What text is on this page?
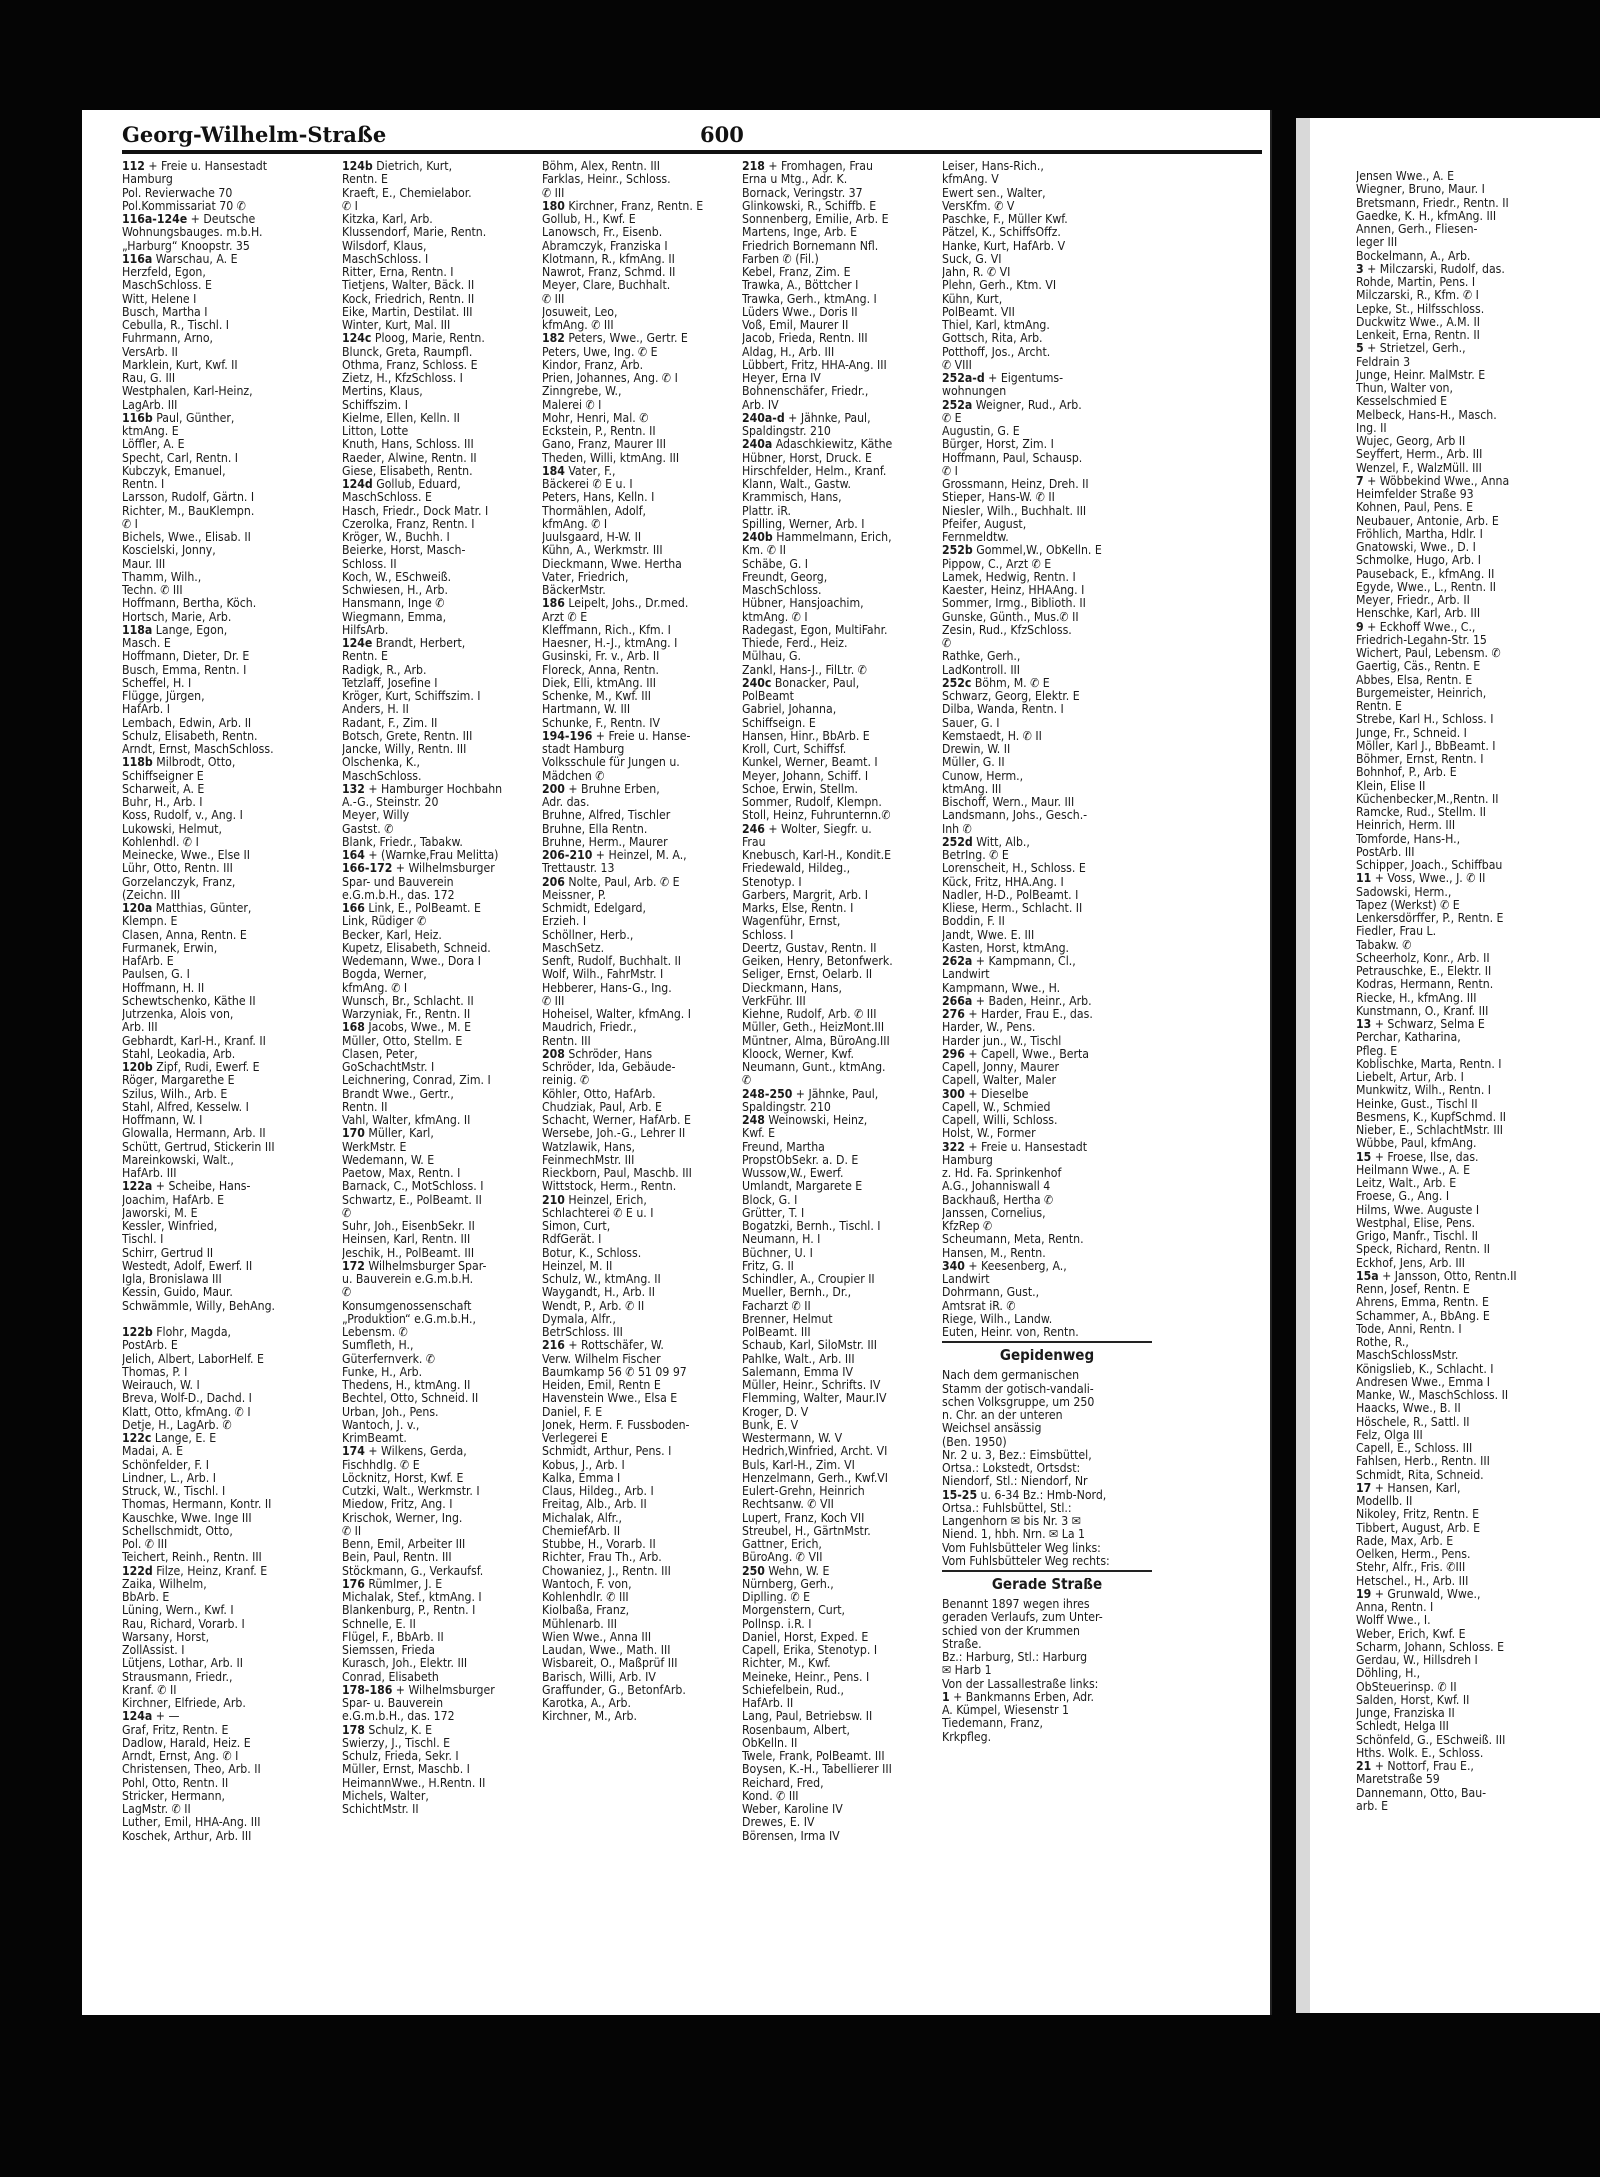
Georg-Wilhelm-Straße	600
112 + Freie u. Hansestadt
Hamburg
Pol. Revierwache 70
Pol.Kommissariat 70 ✆
116a-124e + Deutsche
Wohnungsbauges. m.b.H.
„Harburg“ Knoopstr. 35
116a Warschau, A. E
Herzfeld, Egon,
MaschSchloss. E
Witt, Helene I
Busch, Martha I
Cebulla, R., Tischl. I
Fuhrmann, Arno,
VersArb. II
Marklein, Kurt, Kwf. II
Rau, G. III
Westphalen, Karl-Heinz,
LagArb. III
116b Paul, Günther,
ktmAng. E
Löffler, A. E
Specht, Carl, Rentn. I
Kubczyk, Emanuel,
Rentn. I
Larsson, Rudolf, Gärtn. I
Richter, M., BauKlempn.
✆ I
Bichels, Wwe., Elisab. II
Koscielski, Jonny,
Maur. III
Thamm, Wilh.,
Techn. ✆ III
Hoffmann, Bertha, Köch.
Hortsch, Marie, Arb.
118a Lange, Egon,
Masch. E
Hoffmann, Dieter, Dr. E
Busch, Emma, Rentn. I
Scheffel, H. I
Flügge, Jürgen,
HafArb. I
Lembach, Edwin, Arb. II
Schulz, Elisabeth, Rentn.
Arndt, Ernst, MaschSchloss.
118b Milbrodt, Otto,
Schiffseigner E
Scharweit, A. E
Buhr, H., Arb. I
Koss, Rudolf, v., Ang. I
Lukowski, Helmut,
Kohlenhdl. ✆ I
Meinecke, Wwe., Else II
Lühr, Otto, Rentn. III
Gorzelanczyk, Franz,
(Zeichn. III
120a Matthias, Günter,
Klempn. E
Clasen, Anna, Rentn. E
Furmanek, Erwin,
HafArb. E
Paulsen, G. I
Hoffmann, H. II
Schewtschenko, Käthe II
Jutrzenka, Alois von,
Arb. III
Gebhardt, Karl-H., Kranf. II
Stahl, Leokadia, Arb.
120b Zipf, Rudi, Ewerf. E
Röger, Margarethe E
Szilus, Wilh., Arb. E
Stahl, Alfred, Kesselw. I
Hoffmann, W. I
Glowalla, Hermann, Arb. II
Schütt, Gertrud, Stickerin III
Mareinkowski, Walt.,
HafArb. III
122a + Scheibe, Hans-
Joachim, HafArb. E
Jaworski, M. E
Kessler, Winfried,
Tischl. I
Schirr, Gertrud II
Westedt, Adolf, Ewerf. II
Igla, Bronislawa III
Kessin, Guido, Maur.
Schwämmle, Willy, BehAng.
122b Flohr, Magda,
PostArb. E
Jelich, Albert, LaborHelf. E
Thomas, P. I
Weirauch, W. I
Breva, Wolf-D., Dachd. I
Klatt, Otto, kfmAng. ✆ I
Detje, H., LagArb. ✆
122c Lange, E. E
Madai, A. E
Schönfelder, F. I
Lindner, L., Arb. I
Struck, W., Tischl. I
Thomas, Hermann, Kontr. II
Kauschke, Wwe. Inge III
Schellschmidt, Otto,
Pol. ✆ III
Teichert, Reinh., Rentn. III
122d Filze, Heinz, Kranf. E
Zaika, Wilhelm,
BbArb. E
Lüning, Wern., Kwf. I
Rau, Richard, Vorarb. I
Warsany, Horst,
ZollAssist. I
Lütjens, Lothar, Arb. II
Strausmann, Friedr.,
Kranf. ✆ II
Kirchner, Elfriede, Arb.
124a + —
Graf, Fritz, Rentn. E
Dadlow, Harald, Heiz. E
Arndt, Ernst, Ang. ✆ I
Christensen, Theo, Arb. II
Pohl, Otto, Rentn. II
Stricker, Hermann,
LagMstr. ✆ II
Luther, Emil, HHA-Ang. III
Koschek, Arthur, Arb. III
124b Dietrich, Kurt,
Rentn. E
Kraeft, E., Chemielabor.
✆ I
Kitzka, Karl, Arb.
Klussendorf, Marie, Rentn.
Wilsdorf, Klaus,
MaschSchloss. I
Ritter, Erna, Rentn. I
Tietjens, Walter, Bäck. II
Kock, Friedrich, Rentn. II
Eike, Martin, Destilat. III
Winter, Kurt, Mal. III
124c Ploog, Marie, Rentn.
Blunck, Greta, Raumpfl.
Othma, Franz, Schloss. E
Zietz, H., KfzSchloss. I
Mertins, Klaus,
Schiffszim. I
Kielme, Ellen, Kelln. II
Litton, Lotte
Knuth, Hans, Schloss. III
Raeder, Alwine, Rentn. II
Giese, Elisabeth, Rentn.
124d Gollub, Eduard,
MaschSchloss. E
Hasch, Friedr., Dock Matr. I
Czerolka, Franz, Rentn. I
Kröger, W., Buchh. I
Beierke, Horst, Masch-
Schloss. II
Koch, W., ESchweiß.
Schwiesen, H., Arb.
Hansmann, Inge ✆
Wiegmann, Emma,
HilfsArb.
124e Brandt, Herbert,
Rentn. E
Radigk, R., Arb.
Tetzlaff, Josefine I
Kröger, Kurt, Schiffszim. I
Anders, H. II
Radant, F., Zim. II
Botsch, Grete, Rentn. III
Jancke, Willy, Rentn. III
Olschenka, K.,
MaschSchloss.
132 + Hamburger Hochbahn
A.-G., Steinstr. 20
Meyer, Willy
Gastst. ✆
Blank, Friedr., Tabakw.
164 + (Warnke,Frau Melitta)
166-172 + Wilhelmsburger
Spar- und Bauverein
e.G.m.b.H., das. 172
166 Link, E., PolBeamt. E
Link, Rüdiger ✆
Becker, Karl, Heiz.
Kupetz, Elisabeth, Schneid.
Wedemann, Wwe., Dora I
Bogda, Werner,
kfmAng. ✆ I
Wunsch, Br., Schlacht. II
Warzyniak, Fr., Rentn. II
168 Jacobs, Wwe., M. E
Müller, Otto, Stellm. E
Clasen, Peter,
GoSchachtMstr. I
Leichnering, Conrad, Zim. I
Brandt Wwe., Gertr.,
Rentn. II
Vahl, Walter, kfmAng. II
170 Müller, Karl,
WerkMstr. E
Wedemann, W. E
Paetow, Max, Rentn. I
Barnack, C., MotSchloss. I
Schwartz, E., PolBeamt. II
✆
Suhr, Joh., EisenbSekr. II
Heinsen, Karl, Rentn. III
Jeschik, H., PolBeamt. III
172 Wilhelmsburger Spar-
u. Bauverein e.G.m.b.H.
✆
Konsumgenossenschaft
„Produktion“ e.G.m.b.H.,
Lebensm. ✆
Sumfleth, H.,
Güterfernverk. ✆
Funke, H., Arb.
Thedens, H., ktmAng. II
Bechtel, Otto, Schneid. II
Urban, Joh., Pens.
Wantoch, J. v.,
KrimBeamt.
174 + Wilkens, Gerda,
Fischhdlg. ✆ E
Löcknitz, Horst, Kwf. E
Cutzki, Walt., Werkmstr. I
Miedow, Fritz, Ang. I
Krischok, Werner, Ing.
✆ II
Benn, Emil, Arbeiter III
Bein, Paul, Rentn. III
Stöckmann, G., Verkaufsf.
176 Rümlmer, J. E
Michalak, Stef., ktmAng. I
Blankenburg, P., Rentn. I
Schnelle, E. II
Flügel, F., BbArb. II
Siemssen, Frieda
Kurasch, Joh., Elektr. III
Conrad, Elisabeth
178-186 + Wilhelmsburger
Spar- u. Bauverein
e.G.m.b.H., das. 172
178 Schulz, K. E
Swierzy, J., Tischl. E
Schulz, Frieda, Sekr. I
Müller, Ernst, Maschb. I
HeimannWwe., H.Rentn. II
Michels, Walter,
SchichtMstr. II
Böhm, Alex, Rentn. III
Farklas, Heinr., Schloss.
✆ III
180 Kirchner, Franz, Rentn. E
Gollub, H., Kwf. E
Lanowsch, Fr., Eisenb.
Abramczyk, Franziska I
Klotmann, R., kfmAng. II
Nawrot, Franz, Schmd. II
Meyer, Clare, Buchhalt.
✆ III
Josuweit, Leo,
kfmAng. ✆ III
182 Peters, Wwe., Gertr. E
Peters, Uwe, Ing. ✆ E
Kindor, Franz, Arb.
Prien, Johannes, Ang. ✆ I
Zinngrebe, W.,
Malerei ✆ I
Mohr, Henri, Mal. ✆
Eckstein, P., Rentn. II
Gano, Franz, Maurer III
Theden, Willi, ktmAng. III
184 Vater, F.,
Bäckerei ✆ E u. I
Peters, Hans, Kelln. I
Thormählen, Adolf,
kfmAng. ✆ I
Juulsgaard, H-W. II
Kühn, A., Werkmstr. III
Dieckmann, Wwe. Hertha
Vater, Friedrich,
BäckerMstr.
186 Leipelt, Johs., Dr.med.
Arzt ✆ E
Kleffmann, Rich., Kfm. I
Haesner, H.-J., ktmAng. I
Gusinski, Fr. v., Arb. II
Floreck, Anna, Rentn.
Diek, Elli, ktmAng. III
Schenke, M., Kwf. III
Hartmann, W. III
Schunke, F., Rentn. IV
194-196 + Freie u. Hanse-
stadt Hamburg
Volksschule für Jungen u.
Mädchen ✆
200 + Bruhne Erben,
Adr. das.
Bruhne, Alfred, Tischler
Bruhne, Ella Rentn.
Bruhne, Herm., Maurer
206-210 + Heinzel, M. A.,
Trettaustr. 13
206 Nolte, Paul, Arb. ✆ E
Meissner, P.
Schmidt, Edelgard,
Erzieh. I
Schöllner, Herb.,
MaschSetz.
Senft, Rudolf, Buchhalt. II
Wolf, Wilh., FahrMstr. I
Hebberer, Hans-G., Ing.
✆ III
Hoheisel, Walter, kfmAng. I
Maudrich, Friedr.,
Rentn. III
208 Schröder, Hans
Schröder, Ida, Gebäude-
reinig. ✆
Köhler, Otto, HafArb.
Chudziak, Paul, Arb. E
Schacht, Werner, HafArb. E
Wersebe, Joh.-G., Lehrer II
Watzlawik, Hans,
FeinmechMstr. III
Rieckborn, Paul, Maschb. III
Wittstock, Herm., Rentn.
210 Heinzel, Erich,
Schlachterei ✆ E u. I
Simon, Curt,
RdfGerät. I
Botur, K., Schloss.
Heinzel, M. II
Schulz, W., ktmAng. II
Waygandt, H., Arb. II
Wendt, P., Arb. ✆ II
Dymala, Alfr.,
BetrSchloss. III
216 + Rottschäfer, W.
Verw. Wilhelm Fischer
Baumkamp 56 ✆ 51 09 97
Heiden, Emil, Rentn E
Havenstein Wwe., Elsa E
Daniel, F. E
Jonek, Herm. F. Fussboden-
Verlegerei E
Schmidt, Arthur, Pens. I
Kobus, J., Arb. I
Kalka, Emma I
Claus, Hildeg., Arb. I
Freitag, Alb., Arb. II
Michalak, Alfr.,
ChemiefArb. II
Stubbe, H., Vorarb. II
Richter, Frau Th., Arb.
Chowaniez, J., Rentn. III
Wantoch, F. von,
Kohlenhdlr. ✆ III
Kiolbaßa, Franz,
Mühlenarb. III
Wien Wwe., Anna III
Laudan, Wwe., Math. III
Wisbareit, O., Maßprüf III
Barisch, Willi, Arb. IV
Graffunder, G., BetonfArb.
Karotka, A., Arb.
Kirchner, M., Arb.
218 + Fromhagen, Frau
Erna u Mtg., Adr. K.
Bornack, Veringstr. 37
Glinkowski, R., Schiffb. E
Sonnenberg, Emilie, Arb. E
Martens, Inge, Arb. E
Friedrich Bornemann Nfl.
Farben ✆ (Fil.)
Kebel, Franz, Zim. E
Trawka, A., Böttcher I
Trawka, Gerh., ktmAng. I
Lüders Wwe., Doris II
Voß, Emil, Maurer II
Jacob, Frieda, Rentn. III
Aldag, H., Arb. III
Lübbert, Fritz, HHA-Ang. III
Heyer, Erna IV
Bohnenschäfer, Friedr.,
Arb. IV
240a-d + Jähnke, Paul,
Spaldingstr. 210
240a Adaschkiewitz, Käthe
Hübner, Horst, Druck. E
Hirschfelder, Helm., Kranf.
Klann, Walt., Gastw.
Krammisch, Hans,
Plattr. iR.
Spilling, Werner, Arb. I
240b Hammelmann, Erich,
Km. ✆ II
Schäbe, G. I
Freundt, Georg,
MaschSchloss.
Hübner, Hansjoachim,
ktmAng. ✆ I
Radegast, Egon, MultiFahr.
Thiede, Ferd., Heiz.
Mülhau, G.
Zankl, Hans-J., FilLtr. ✆
240c Bonacker, Paul,
PolBeamt
Gabriel, Johanna,
Schiffseign. E
Hansen, Hinr., BbArb. E
Kroll, Curt, Schiffsf.
Kunkel, Werner, Beamt. I
Meyer, Johann, Schiff. I
Schoe, Erwin, Stellm.
Sommer, Rudolf, Klempn.
Stoll, Heinz, Fuhrunternn.✆
246 + Wolter, Siegfr. u.
Frau
Knebusch, Karl-H., Kondit.E
Friedewald, Hildeg.,
Stenotyp. I
Garbers, Margrit, Arb. I
Marks, Else, Rentn. I
Wagenführ, Ernst,
Schloss. I
Deertz, Gustav, Rentn. II
Geiken, Henry, Betonfwerk.
Seliger, Ernst, Oelarb. II
Dieckmann, Hans,
VerkFühr. III
Kiehne, Rudolf, Arb. ✆ III
Müller, Geth., HeizMont.III
Müntner, Alma, BüroAng.III
Kloock, Werner, Kwf.
Neumann, Gunt., ktmAng.
✆
248-250 + Jähnke, Paul,
Spaldingstr. 210
248 Weinowski, Heinz,
Kwf. E
Freund, Martha
PropstObSekr. a. D. E
Wussow,W., Ewerf.
Umlandt, Margarete E
Block, G. I
Grütter, T. I
Bogatzki, Bernh., Tischl. I
Neumann, H. I
Büchner, U. I
Fritz, G. II
Schindler, A., Croupier II
Mueller, Bernh., Dr.,
Facharzt ✆ II
Brenner, Helmut
PolBeamt. III
Schaub, Karl, SiloMstr. III
Pahlke, Walt., Arb. III
Salemann, Emma IV
Müller, Heinr., Schrifts. IV
Flemming, Walter, Maur.IV
Kroger, D. V
Bunk, E. V
Westermann, W. V
Hedrich,Winfried, Archt. VI
Buls, Karl-H., Zim. VI
Henzelmann, Gerh., Kwf.VI
Eulert-Grehn, Heinrich
Rechtsanw. ✆ VII
Lupert, Franz, Koch VII
Streubel, H., GärtnMstr.
Gattner, Erich,
BüroAng. ✆ VII
250 Wehn, W. E
Nürnberg, Gerh.,
Diplling. ✆ E
Morgenstern, Curt,
Pollnsp. i.R. I
Daniel, Horst, Exped. E
Capell, Erika, Stenotyp. I
Richter, M., Kwf.
Meineke, Heinr., Pens. I
Schiefelbein, Rud.,
HafArb. II
Lang, Paul, Betriebsw. II
Rosenbaum, Albert,
ObKelln. II
Twele, Frank, PolBeamt. III
Boysen, K.-H., Tabellierer III
Reichard, Fred,
Kond. ✆ III
Weber, Karoline IV
Drewes, E. IV
Börensen, Irma IV
Leiser, Hans-Rich.,
kfmAng. V
Ewert sen., Walter,
VersKfm. ✆ V
Paschke, F., Müller Kwf.
Pätzel, K., SchiffsOffz.
Hanke, Kurt, HafArb. V
Suck, G. VI
Jahn, R. ✆ VI
Plehn, Gerh., Ktm. VI
Kühn, Kurt,
PolBeamt. VII
Thiel, Karl, ktmAng.
Gottsch, Rita, Arb.
Potthoff, Jos., Archt.
✆ VIII
252a-d + Eigentums-
wohnungen
252a Weigner, Rud., Arb.
✆ E
Augustin, G. E
Bürger, Horst, Zim. I
Hoffmann, Paul, Schausp.
✆ I
Grossmann, Heinz, Dreh. II
Stieper, Hans-W. ✆ II
Niesler, Wilh., Buchhalt. III
Pfeifer, August,
Fernmeldtw.
252b Gommel,W., ObKelln. E
Pippow, C., Arzt ✆ E
Lamek, Hedwig, Rentn. I
Kaester, Heinz, HHAAng. I
Sommer, Irmg., Biblioth. II
Gunske, Günth., Mus.✆ II
Zesin, Rud., KfzSchloss.
✆
Rathke, Gerh.,
LadKontroll. III
252c Böhm, M. ✆ E
Schwarz, Georg, Elektr. E
Dilba, Wanda, Rentn. I
Sauer, G. I
Kemstaedt, H. ✆ II
Drewin, W. II
Müller, G. II
Cunow, Herm.,
ktmAng. III
Bischoff, Wern., Maur. III
Landsmann, Johs., Gesch.-
Inh ✆
252d Witt, Alb.,
BetrIng. ✆ E
Lorenscheit, H., Schloss. E
Kück, Fritz, HHA.Ang. I
Nadler, H-D., PolBeamt. I
Kliese, Herm., Schlacht. II
Boddin, F. II
Jandt, Wwe. E. III
Kasten, Horst, ktmAng.
262a + Kampmann, Cl.,
Landwirt
Kampmann, Wwe., H.
266a + Baden, Heinr., Arb.
276 + Harder, Frau E., das.
Harder, W., Pens.
Harder jun., W., Tischl
296 + Capell, Wwe., Berta
Capell, Jonny, Maurer
Capell, Walter, Maler
300 + Dieselbe
Capell, W., Schmied
Capell, Willi, Schloss.
Holst, W., Former
322 + Freie u. Hansestadt
Hamburg
z. Hd. Fa. Sprinkenhof
A.G., Johanniswall 4
Backhauß, Hertha ✆
Janssen, Cornelius,
KfzRep ✆
Scheumann, Meta, Rentn.
Hansen, M., Rentn.
340 + Keesenberg, A.,
Landwirt
Dohrmann, Gust.,
Amtsrat iR. ✆
Riege, Wilh., Landw.
Euten, Heinr. von, Rentn.
Gepidenweg
Nach dem germanischen
Stamm der gotisch-vandali-
schen Volksgruppe, um 250
n. Chr. an der unteren
Weichsel ansässig
(Ben. 1950)
Nr. 2 u. 3, Bez.: Eimsbüttel,
Ortsa.: Lokstedt, Ortsdst:
Niendorf, Stl.: Niendorf, Nr
15-25 u. 6-34 Bz.: Hmb-Nord,
Ortsa.: Fuhlsbüttel, Stl.:
Langenhorn ✉ bis Nr. 3 ✉
Niend. 1, hbh. Nrn. ✉ La 1
Vom Fuhlsbütteler Weg links:
Vom Fuhlsbütteler Weg rechts:
Gerade Straße
Benannt 1897 wegen ihres
geraden Verlaufs, zum Unter-
schied von der Krummen
Straße.
Bz.: Harburg, Stl.: Harburg
✉ Harb 1
Von der Lassallestraße links:
1 + Bankmanns Erben, Adr.
A. Kümpel, Wiesenstr 1
Tiedemann, Franz,
Krkpfleg.
Jensen Wwe., A. E
Wiegner, Bruno, Maur. I
Bretsmann, Friedr., Rentn. II
Gaedke, K. H., kfmAng. III
Annen, Gerh., Fliesen-
leger III
Bockelmann, A., Arb.
3 + Milczarski, Rudolf, das.
Rohde, Martin, Pens. I
Milczarski, R., Kfm. ✆ I
Lepke, St., Hilfsschloss.
Duckwitz Wwe., A.M. II
Lenkeit, Erna, Rentn. II
5 + Strietzel, Gerh.,
Feldrain 3
Junge, Heinr. MalMstr. E
Thun, Walter von,
Kesselschmied E
Melbeck, Hans-H., Masch.
Ing. II
Wujec, Georg, Arb II
Seyffert, Herm., Arb. III
Wenzel, F., WalzMüll. III
7 + Wöbbekind Wwe., Anna
Heimfelder Straße 93
Kohnen, Paul, Pens. E
Neubauer, Antonie, Arb. E
Fröhlich, Martha, Hdlr. I
Gnatowski, Wwe., D. I
Schmolke, Hugo, Arb. I
Pauseback, E., kfmAng. II
Egyde, Wwe., L., Rentn. II
Meyer, Friedr., Arb. II
Henschke, Karl, Arb. III
9 + Eckhoff Wwe., C.,
Friedrich-Legahn-Str. 15
Wichert, Paul, Lebensm. ✆
Gaertig, Cäs., Rentn. E
Abbes, Elsa, Rentn. E
Burgemeister, Heinrich,
Rentn. E
Strebe, Karl H., Schloss. I
Junge, Fr., Schneid. I
Möller, Karl J., BbBeamt. I
Böhmer, Ernst, Rentn. I
Bohnhof, P., Arb. E
Klein, Elise II
Küchenbecker,M.,Rentn. II
Ramcke, Rud., Stellm. II
Heinrich, Herm. III
Tomforde, Hans-H.,
PostArb. III
Schipper, Joach., Schiffbau
11 + Voss, Wwe., J. ✆ II
Sadowski, Herm.,
Tapez (Werkst) ✆ E
Lenkersdörffer, P., Rentn. E
Fiedler, Frau L.
Tabakw. ✆
Scheerholz, Konr., Arb. II
Petrauschke, E., Elektr. II
Kodras, Hermann, Rentn.
Riecke, H., kfmAng. III
Kunstmann, O., Kranf. III
13 + Schwarz, Selma E
Perchar, Katharina,
Pfleg. E
Koblischke, Marta, Rentn. I
Liebelt, Artur, Arb. I
Munkwitz, Wilh., Rentn. I
Heinke, Gust., Tischl II
Besmens, K., KupfSchmd. II
Nieber, E., SchlachtMstr. III
Wübbe, Paul, kfmAng.
15 + Froese, Ilse, das.
Heilmann Wwe., A. E
Leitz, Walt., Arb. E
Froese, G., Ang. I
Hilms, Wwe. Auguste I
Westphal, Elise, Pens.
Grigo, Manfr., Tischl. II
Speck, Richard, Rentn. II
Eckhof, Jens, Arb. III
15a + Jansson, Otto, Rentn.II
Renn, Josef, Rentn. E
Ahrens, Emma, Rentn. E
Schammer, A., BbAng. E
Tode, Anni, Rentn. I
Rothe, R.,
MaschSchlossMstr.
Königslieb, K., Schlacht. I
Andresen Wwe., Emma I
Manke, W., MaschSchloss. II
Haacks, Wwe., B. II
Höschele, R., Sattl. II
Felz, Olga III
Capell, E., Schloss. III
Fahlsen, Herb., Rentn. III
Schmidt, Rita, Schneid.
17 + Hansen, Karl,
Modellb. II
Nikoley, Fritz, Rentn. E
Tibbert, August, Arb. E
Rade, Max, Arb. E
Oelken, Herm., Pens.
Stehr, Alfr., Fris. ✆III
Hetschel., H., Arb. III
19 + Grunwald, Wwe.,
Anna, Rentn. I
Wolff Wwe., I.
Weber, Erich, Kwf. E
Scharm, Johann, Schloss. E
Gerdau, W., Hillsdreh I
Döhling, H.,
ObSteuerinsp. ✆ II
Salden, Horst, Kwf. II
Junge, Franziska II
Schledt, Helga III
Schönfeld, G., ESchweiß. III
Hths. Wolk. E., Schloss.
21 + Nottorf, Frau E.,
Maretstraße 59
Dannemann, Otto, Bau-
arb. E
